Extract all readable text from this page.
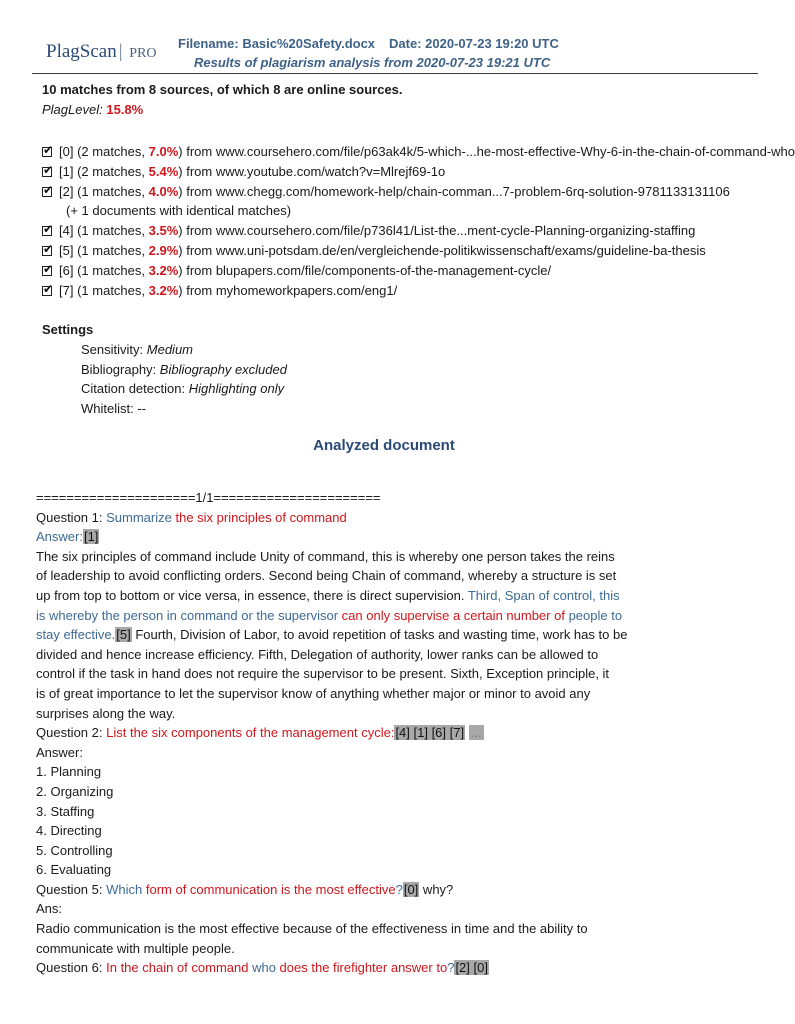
PlagScan | PRO
Filename: Basic%20Safety.docx Date: 2020-07-23 19:20 UTC
Results of plagiarism analysis from 2020-07-23 19:21 UTC
10 matches from 8 sources, of which 8 are online sources.
PlagLevel: 15.8%
✔[0] (2 matches, 7.0%) from www.coursehero.com/file/p63ak4k/5-which-...he-most-effective-Why-6-in-the-chain-of-command-who
✔[1] (2 matches, 5.4%) from www.youtube.com/watch?v=Mlrejf69-1o
✔[2] (1 matches, 4.0%) from www.chegg.com/homework-help/chain-comman...7-problem-6rq-solution-9781133131106
(+ 1 documents with identical matches)
✔[4] (1 matches, 3.5%) from www.coursehero.com/file/p736l41/List-the...ment-cycle-Planning-organizing-staffing
✔[5] (1 matches, 2.9%) from www.uni-potsdam.de/en/vergleichende-politikwissenschaft/exams/guideline-ba-thesis
✔[6] (1 matches, 3.2%) from blupapers.com/file/components-of-the-management-cycle/
✔[7] (1 matches, 3.2%) from myhomeworkpapers.com/eng1/
Settings
Sensitivity: Medium
Bibliography: Bibliography excluded
Citation detection: Highlighting only
Whitelist: --
Analyzed document
=====================1/1======================
Question 1: Summarize the six principles of command
Answer:[1]
The six principles of command include Unity of command, this is whereby one person takes the reins
of leadership to avoid conflicting orders. Second being Chain of command, whereby a structure is set
up from top to bottom or vice versa, in essence, there is direct supervision. Third, Span of control, this
is whereby the person in command or the supervisor can only supervise a certain number of people to
stay effective.[5] Fourth, Division of Labor, to avoid repetition of tasks and wasting time, work has to be
divided and hence increase efficiency. Fifth, Delegation of authority, lower ranks can be allowed to
control if the task in hand does not require the supervisor to be present. Sixth, Exception principle, it
is of great importance to let the supervisor know of anything whether major or minor to avoid any
surprises along the way.
Question 2: List the six components of the management cycle:[4] [1] [6] [7] ...
Answer:
1. Planning
2. Organizing
3. Staffing
4. Directing
5. Controlling
6. Evaluating
Question 5: Which form of communication is the most effective?[0] why?
Ans:
Radio communication is the most effective because of the effectiveness in time and the ability to
communicate with multiple people.
Question 6: In the chain of command who does the firefighter answer to?[2] [0]
